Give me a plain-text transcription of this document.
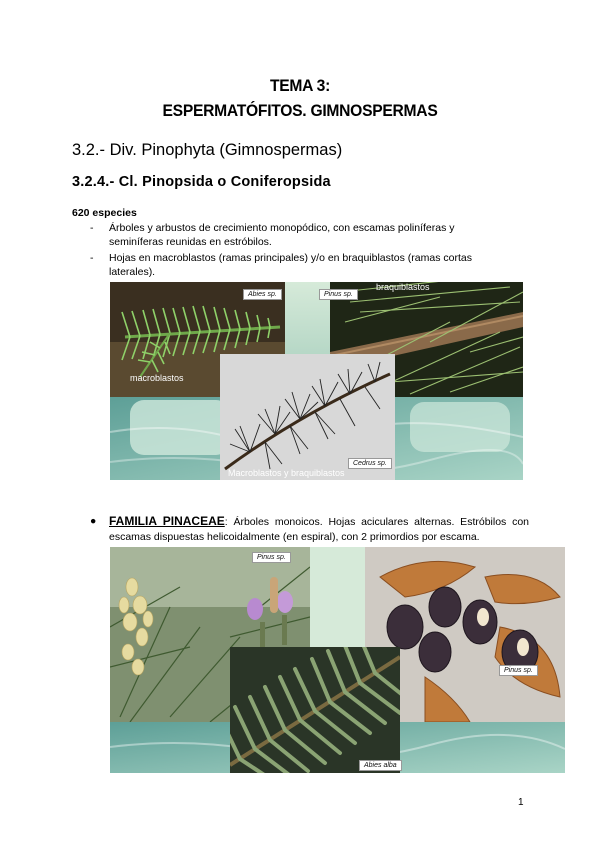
TEMA 3:
ESPERMATÓFITOS. GIMNOSPERMAS
3.2.- Div. Pinophyta (Gimnospermas)
3.2.4.- Cl. Pinopsida o Coniferopsida
620 especies
- Árboles y arbustos de crecimiento monopódico, con escamas poliníferas y seminíferas reunidas en estróbilos.
- Hojas en macroblastos (ramas principales) y/o en braquiblastos (ramas cortas laterales).
Abies sp.	Pinus sp.
Cedrus sp.
braquiblastos
macroblastos
Macroblastos y braquiblastos
● FAMILIA PINACEAE: Árboles monoicos. Hojas aciculares alternas. Estróbilos con escamas dispuestas helicoidalmente (en espiral), con 2 primordios por escama.
Pinus sp.
Pinus sp.
Abies alba
1
